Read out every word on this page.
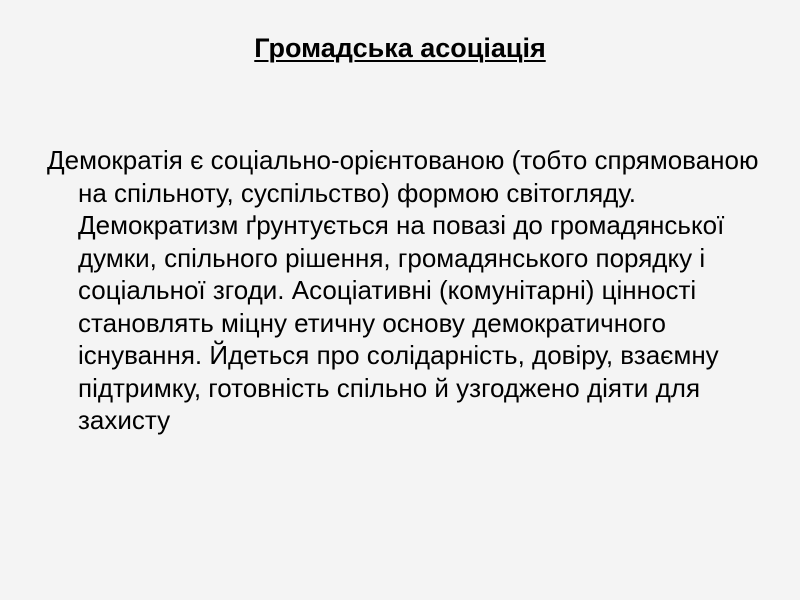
Громадська асоціація

Демократія є соціально-орієнтованою (тобто спрямованою на спільноту, суспільство) формою світогляду. Демократизм ґрунтується на повазі до громадянської думки, спільного рішення, громадянського порядку і соціальної згоди. Асоціативні (комунітарні) цінності становлять міцну етичну основу демократичного існування. Йдеться про солідарність, довіру, взаємну підтримку, готовність спільно й узгоджено діяти для захисту
